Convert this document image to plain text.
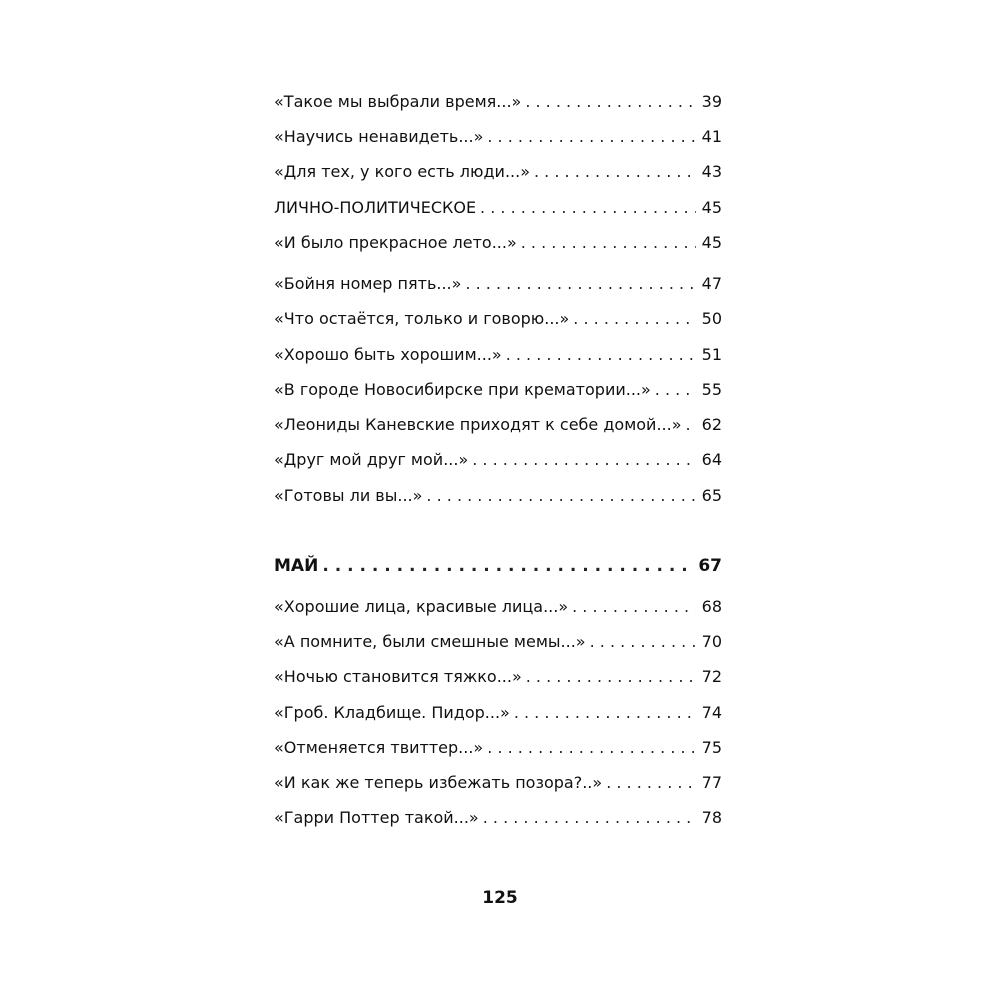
«Такое мы выбрали время...» . . .	39
«Научись ненавидеть...» . . .	41
«Для тех, у кого есть люди...» . . .	43
ЛИЧНО-ПОЛИТИЧЕСКОЕ . . .	45
«И было прекрасное лето...» . . .	45
«Бойня номер пять...» . . .	47
«Что остаётся, только и говорю...» . . .	50
«Хорошо быть хорошим...» . . .	51
«В городе Новосибирске при крематории...» . . .	55
«Леониды Каневские приходят к себе домой...» . . .	62
«Друг мой друг мой...» . . .	64
«Готовы ли вы...» . . .	65
МАЙ . . .	67
«Хорошие лица, красивые лица...» . . .	68
«А помните, были смешные мемы...» . . .	70
«Ночью становится тяжко...» . . .	72
«Гроб. Кладбище. Пидор...» . . .	74
«Отменяется твиттер...» . . .	75
«И как же теперь избежать позора?..» . . .	77
«Гарри Поттер такой...» . . .	78
125
